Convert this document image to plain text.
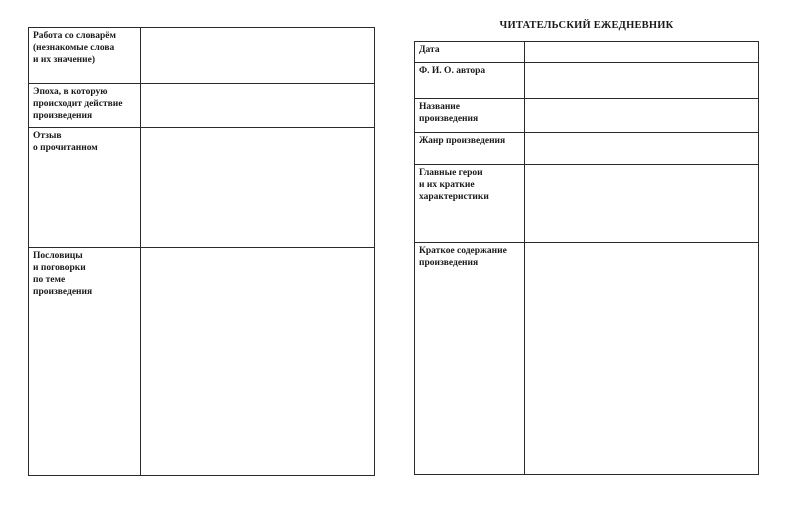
Работа со словарём
(незнакомые слова
и их значение)	

Эпоха, в которую
происходит действие
произведения	

Отзыв
о прочитанном	

Пословицы
и поговорки
по теме
произведения	

ЧИТАТЕЛЬСКИЙ ЕЖЕДНЕВНИК
Дата	

Ф. И. О. автора	

Название
произведения	

Жанр произведения	

Главные герои
и их краткие
характеристики	

Краткое содержание
произведения	
